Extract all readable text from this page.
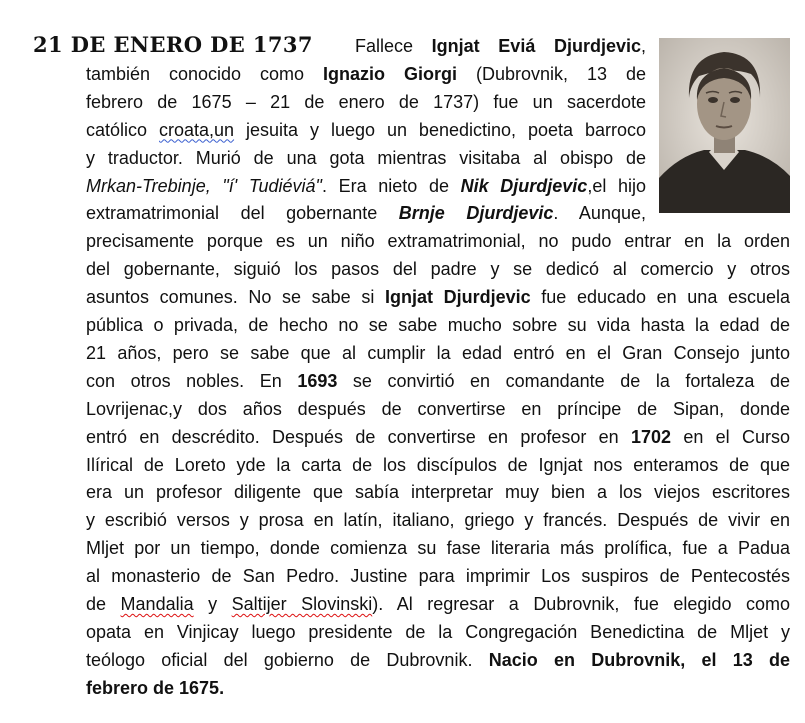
21 DE ENERO DE 1737 Fallece Ignjat Eviá Djurdjevic,
también conocido como Ignazio Giorgi (Dubrovnik, 13 de
febrero de 1675 – 21 de enero de 1737) fue un sacerdote
católico croata,un jesuita y luego un benedictino, poeta barroco
y traductor. Murió de una gota mientras visitaba al obispo de
Mrkan-Trebinje, "í' Tudiéviá". Era nieto de Nik Djurdjevic,el hijo
extramatrimonial del gobernante Brnje Djurdjevic. Aunque,
precisamente porque es un niño extramatrimonial, no pudo entrar en la orden
del gobernante, siguió los pasos del padre y se dedicó al comercio y otros
asuntos comunes. No se sabe si Ignjat Djurdjevic fue educado en una escuela
pública o privada, de hecho no se sabe mucho sobre su vida hasta la edad de
21 años, pero se sabe que al cumplir la edad entró en el Gran Consejo junto
con otros nobles. En 1693 se convirtió en comandante de la fortaleza de
Lovrijenac,y dos años después de convertirse en príncipe de Sipan, donde
entró en descrédito. Después de convertirse en profesor en 1702 en el Curso
Ilírical de Loreto yde la carta de los discípulos de Ignjat nos enteramos de que
era un profesor diligente que sabía interpretar muy bien a los viejos escritores
y escribió versos y prosa en latín, italiano, griego y francés. Después de vivir en
Mljet por un tiempo, donde comienza su fase literaria más prolífica, fue a Padua
al monasterio de San Pedro. Justine para imprimir Los suspiros de Pentecostés
de Mandalia y Saltijer Slovinski). Al regresar a Dubrovnik, fue elegido como
opata en Vinjicay luego presidente de la Congregación Benedictina de Mljet y
teólogo oficial del gobierno de Dubrovnik. Nacio en Dubrovnik, el 13 de
febrero de 1675.
